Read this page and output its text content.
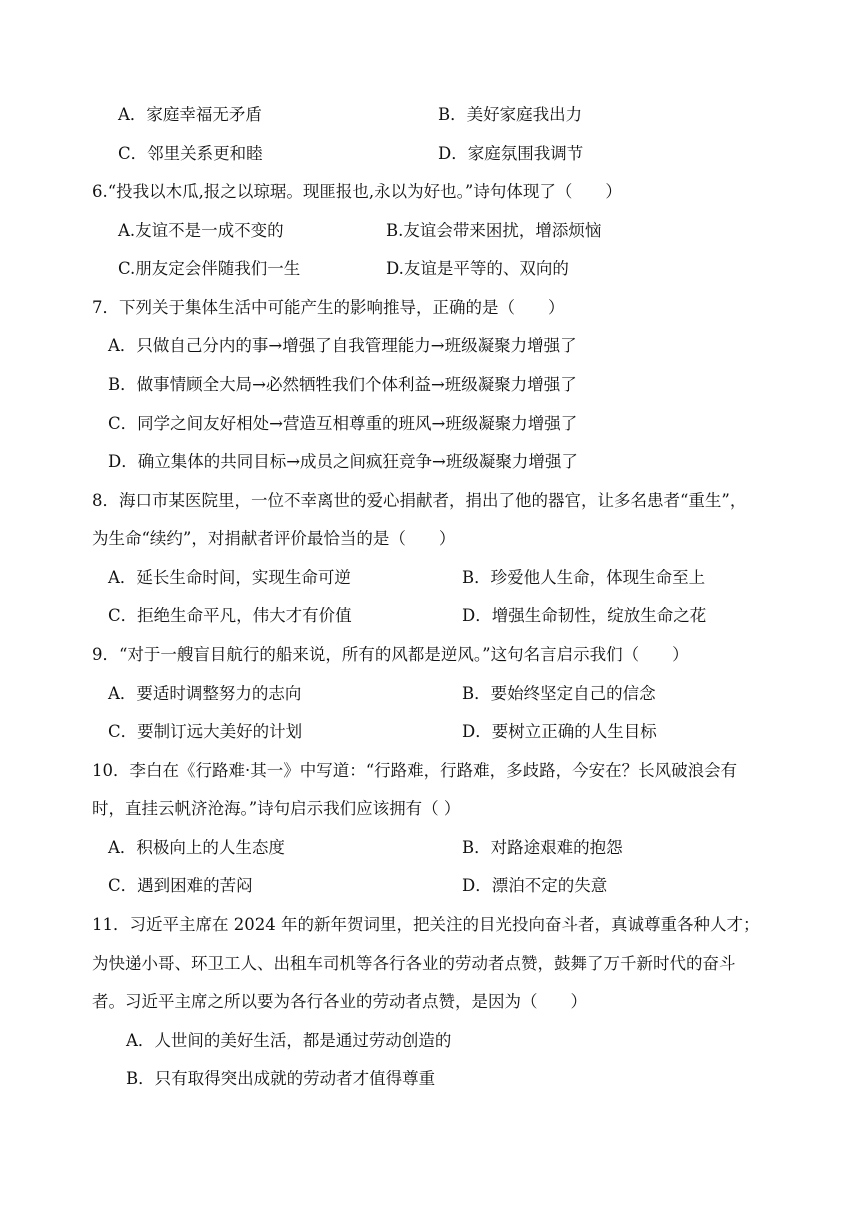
A．家庭幸福无矛盾	B．美好家庭我出力
C．邻里关系更和睦	D．家庭氛围我调节
6.“投我以木瓜,报之以琼琚。现匪报也,永以为好也。”诗句体现了（　　）
A.友谊不是一成不变的	B.友谊会带来困扰，增添烦恼
C.朋友定会伴随我们一生	D.友谊是平等的、双向的
7．下列关于集体生活中可能产生的影响推导，正确的是（　　）
A．只做自己分内的事→增强了自我管理能力→班级凝聚力增强了
B．做事情顾全大局→必然牺牲我们个体利益→班级凝聚力增强了
C．同学之间友好相处→营造互相尊重的班风→班级凝聚力增强了
D．确立集体的共同目标→成员之间疯狂竞争→班级凝聚力增强了
8．海口市某医院里，一位不幸离世的爱心捐献者，捐出了他的器官，让多名患者“重生”，
为生命“续约”，对捐献者评价最恰当的是（　　）
A．延长生命时间，实现生命可逆	B．珍爱他人生命，体现生命至上
C．拒绝生命平凡，伟大才有价值	D．增强生命韧性，绽放生命之花
9．“对于一艘盲目航行的船来说，所有的风都是逆风。”这句名言启示我们（　　）
A．要适时调整努力的志向	B．要始终坚定自己的信念
C．要制订远大美好的计划	D．要树立正确的人生目标
10．李白在《行路难·其一》中写道：“行路难，行路难，多歧路，今安在？长风破浪会有
时，直挂云帆济沧海。”诗句启示我们应该拥有（ ）
A．积极向上的人生态度	B．对路途艰难的抱怨
C．遇到困难的苦闷	D．漂泊不定的失意
11．习近平主席在 2024 年的新年贺词里，把关注的目光投向奋斗者，真诚尊重各种人才；
为快递小哥、环卫工人、出租车司机等各行各业的劳动者点赞，鼓舞了万千新时代的奋斗
者。习近平主席之所以要为各行各业的劳动者点赞，是因为（　　）
A．人世间的美好生活，都是通过劳动创造的
B．只有取得突出成就的劳动者才值得尊重
